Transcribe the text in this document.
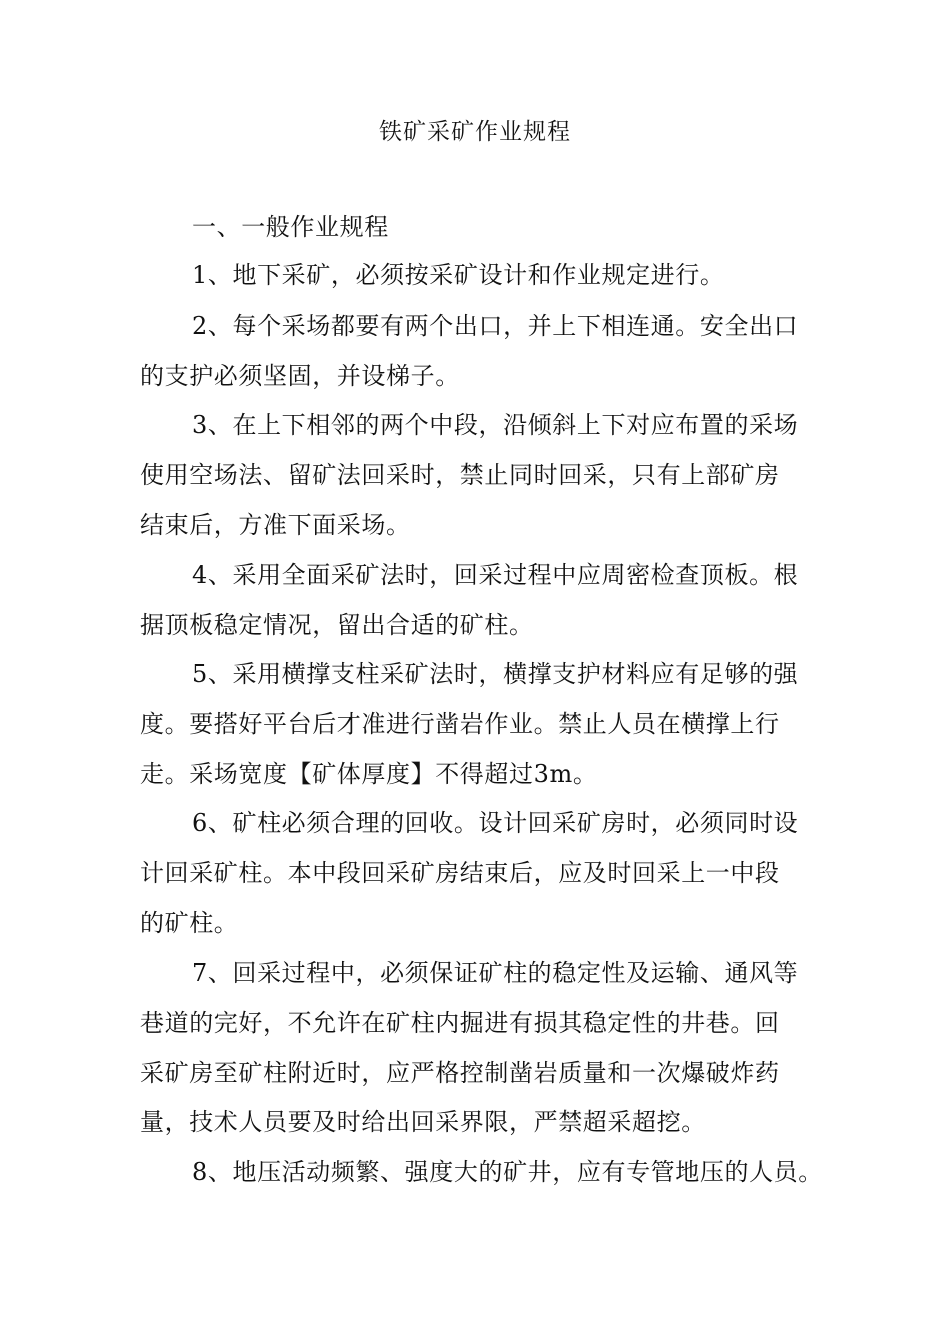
铁矿采矿作业规程
一、一般作业规程
1、地下采矿，必须按采矿设计和作业规定进行。
2、每个采场都要有两个出口，并上下相连通。安全出口
的支护必须坚固，并设梯子。
3、在上下相邻的两个中段，沿倾斜上下对应布置的采场
使用空场法、留矿法回采时，禁止同时回采，只有上部矿房
结束后，方准下面采场。
4、采用全面采矿法时，回采过程中应周密检查顶板。根
据顶板稳定情况，留出合适的矿柱。
5、采用横撑支柱采矿法时，横撑支护材料应有足够的强
度。要搭好平台后才准进行凿岩作业。禁止人员在横撑上行
走。采场宽度【矿体厚度】不得超过3m。
6、矿柱必须合理的回收。设计回采矿房时，必须同时设
计回采矿柱。本中段回采矿房结束后，应及时回采上一中段
的矿柱。
7、回采过程中，必须保证矿柱的稳定性及运输、通风等
巷道的完好，不允许在矿柱内掘进有损其稳定性的井巷。回
采矿房至矿柱附近时，应严格控制凿岩质量和一次爆破炸药
量，技术人员要及时给出回采界限，严禁超采超挖。
8、地压活动频繁、强度大的矿井，应有专管地压的人员。
